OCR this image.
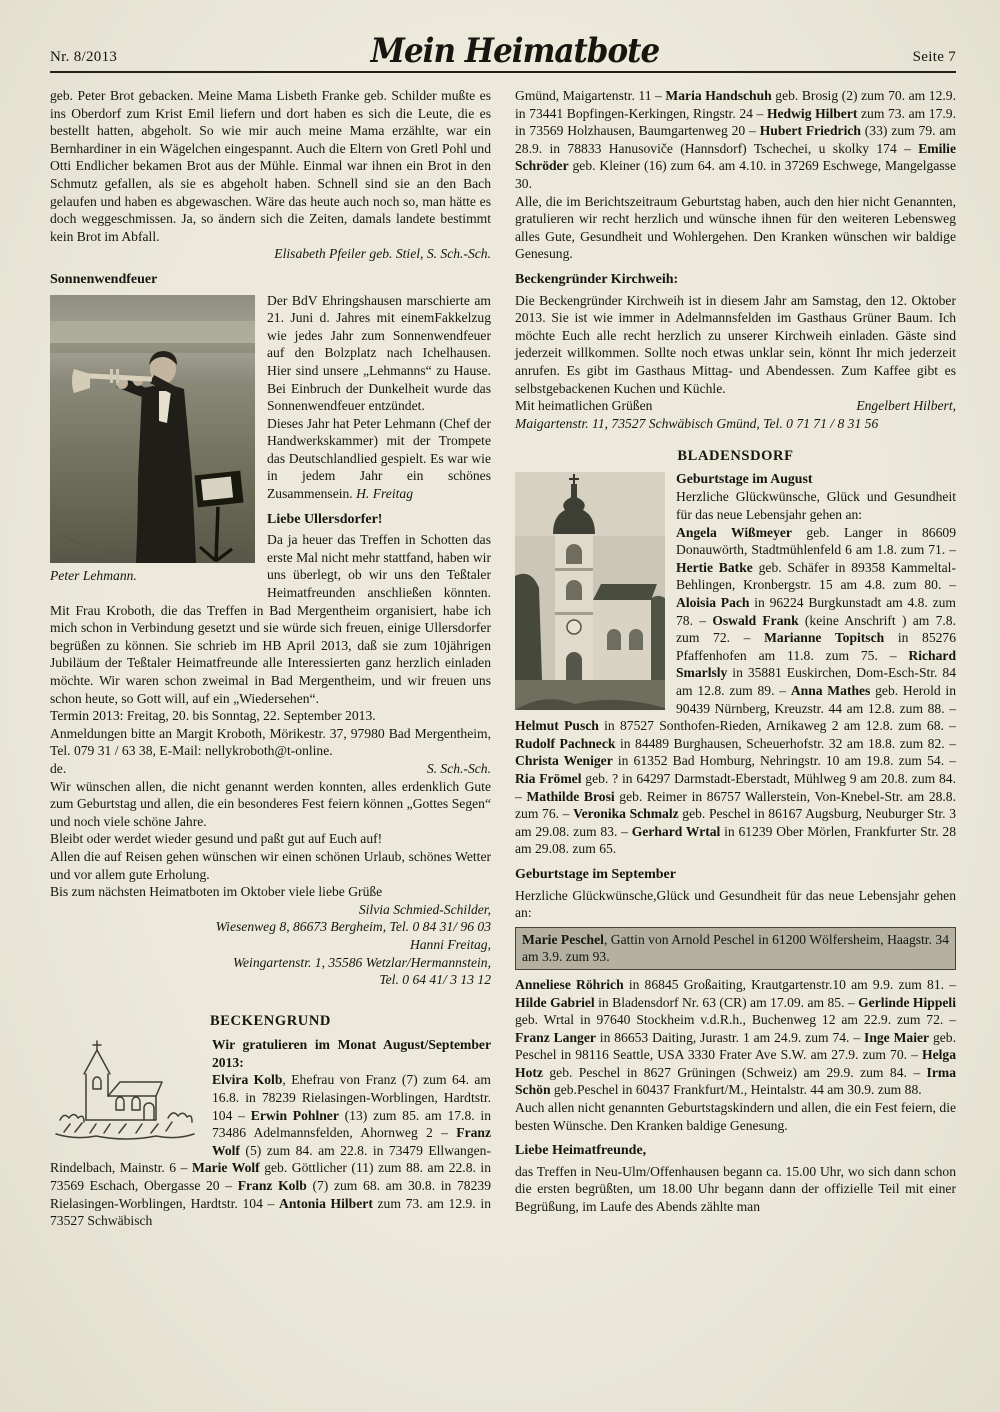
Nr. 8/2013	Mein Heimatbote	Seite 7

geb. Peter Brot gebacken. Meine Mama Lisbeth Franke geb. Schilder mußte es ins Oberdorf zum Krist Emil liefern und dort haben es sich die Leute, die es bestellt hatten, abgeholt. So wie mir auch meine Mama erzählte, war ein Bernhardiner in ein Wägelchen eingespannt. Auch die Eltern von Gretl Pohl und Otti Endlicher bekamen Brot aus der Mühle. Einmal war ihnen ein Brot in den Schmutz gefallen, als sie es abgeholt haben. Schnell sind sie an den Bach gelaufen und haben es abgewaschen. Wäre das heute auch noch so, man hätte es doch weggeschmissen. Ja, so ändern sich die Zeiten, damals landete bestimmt kein Brot im Abfall.

Elisabeth Pfeiler geb. Stiel, S. Sch.-Sch.
Sonnenwendfeuer
Peter Lehmann.

Der BdV Ehringshausen marschierte am 21. Juni d. Jahres mit einemFakkelzug wie jedes Jahr zum Sonnenwendfeuer auf den Bolzplatz nach Ichelhausen. Hier sind unsere „Lehmanns“ zu Hause. Bei Einbruch der Dunkelheit wurde das Sonnenwendfeuer entzündet.

Dieses Jahr hat Peter Lehmann (Chef der Handwerkskammer) mit der Trompete das Deutschlandlied gespielt. Es war wie in jedem Jahr ein schönes Zusammensein. H. Freitag

Liebe Ullersdorfer!

Da ja heuer das Treffen in Schotten das erste Mal nicht mehr stattfand, haben wir uns überlegt, ob wir uns den Teßtaler Heimatfreunden anschließen könnten. Mit Frau Kroboth, die das Treffen in Bad Mergentheim organisiert, habe ich mich schon in Verbindung gesetzt und sie würde sich freuen, einige Ullersdorfer begrüßen zu können. Sie schrieb im HB April 2013, daß sie zum 10jährigen Jubiläum der Teßtaler Heimatfreunde alle Interessierten ganz herzlich einladen möchte. Wir waren schon zweimal in Bad Mergentheim, und wir freuen uns schon heute, so Gott will, auf ein „Wiedersehen“.

Termin 2013: Freitag, 20. bis Sonntag, 22. September 2013.

Anmeldungen bitte an Margit Kroboth, Mörikestr. 37, 97980 Bad Mergentheim, Tel. 079 31 / 63 38, E-Mail: nellykroboth@t-online.

de.	S. Sch.-Sch.

Wir wünschen allen, die nicht genannt werden konnten, alles erdenklich Gute zum Geburtstag und allen, die ein besonderes Fest feiern können „Gottes Segen“ und noch viele schöne Jahre.

Bleibt oder werdet wieder gesund und paßt gut auf Euch auf!

Allen die auf Reisen gehen wünschen wir einen schönen Urlaub, schönes Wetter und vor allem gute Erholung.

Bis zum nächsten Heimatboten im Oktober viele liebe Grüße

Silvia Schmied-Schilder,
Wiesenweg 8, 86673 Bergheim, Tel. 0 84 31/ 96 03
Hanni Freitag,
Weingartenstr. 1, 35586 Wetzlar/Hermannstein,
Tel. 0 64 41/ 3 13 12
BECKENGRUND

Wir gratulieren im Monat August/September 2013:

Elvira Kolb, Ehefrau von Franz (7) zum 64. am 16.8. in 78239 Rielasingen-Worblingen, Hardtstr. 104 – Erwin Pohlner (13) zum 85. am 17.8. in 73486 Adelmannsfelden, Ahornweg 2 – Franz Wolf (5) zum 84. am 22.8. in 73479 Ellwangen-Rindelbach, Mainstr. 6 – Marie Wolf geb. Göttlicher (11) zum 88. am 22.8. in 73569 Eschach, Obergasse 20 – Franz Kolb (7) zum 68. am 30.8. in 78239 Rielasingen-Worblingen, Hardtstr. 104 – Antonia Hilbert zum 73. am 12.9. in 73527 Schwäbisch

Gmünd, Maigartenstr. 11 – Maria Handschuh geb. Brosig (2) zum 70. am 12.9. in 73441 Bopfingen-Kerkingen, Ringstr. 24 – Hedwig Hilbert zum 73. am 17.9. in 73569 Holzhausen, Baumgartenweg 20 – Hubert Friedrich (33) zum 79. am 28.9. in 78833 Hanusoviče (Hannsdorf) Tschechei, u skolky 174 – Emilie Schröder geb. Kleiner (16) zum 64. am 4.10. in 37269 Eschwege, Mangelgasse 30.

Alle, die im Berichtszeitraum Geburtstag haben, auch den hier nicht Genannten, gratulieren wir recht herzlich und wünsche ihnen für den weiteren Lebensweg alles Gute, Gesundheit und Wohlergehen. Den Kranken wünschen wir baldige Genesung.

Beckengründer Kirchweih:

Die Beckengründer Kirchweih ist in diesem Jahr am Samstag, den 12. Oktober 2013. Sie ist wie immer in Adelmannsfelden im Gasthaus Grüner Baum. Ich möchte Euch alle recht herzlich zu unserer Kirchweih einladen. Gäste sind jederzeit willkommen. Sollte noch etwas unklar sein, könnt Ihr mich jederzeit anrufen. Es gibt im Gasthaus Mittag- und Abendessen. Zum Kaffee gibt es selbstgebackenen Kuchen und Küchle.

Mit heimatlichen Grüßen	Engelbert Hilbert,
Maigartenstr. 11, 73527 Schwäbisch Gmünd, Tel. 0 71 71 / 8 31 56
BLADENSDORF
Geburtstage im August

Herzliche Glückwünsche, Glück und Gesundheit für das neue Lebensjahr gehen an:

Angela Wißmeyer geb. Langer in 86609 Donauwörth, Stadtmühlenfeld 6 am 1.8. zum 71. – Hertie Batke geb. Schäfer in 89358 Kammeltal-Behlingen, Kronbergstr. 15 am 4.8. zum 80. – Aloisia Pach in 96224 Burgkunstadt am 4.8. zum 78. – Oswald Frank (keine Anschrift ) am 7.8. zum 72. – Marianne Topitsch in 85276 Pfaffenhofen am 11.8. zum 75. – Richard Smarlsly in 35881 Euskirchen, Dom-Esch-Str. 84 am 12.8. zum 89. – Anna Mathes geb. Herold in 90439 Nürnberg, Kreuzstr. 44 am 12.8. zum 88. – Helmut Pusch in 87527 Sonthofen-Rieden, Arnikaweg 2 am 12.8. zum 68. – Rudolf Pachneck in 84489 Burghausen, Scheuerhofstr. 32 am 18.8. zum 82. – Christa Weniger in 61352 Bad Homburg, Nehringstr. 10 am 19.8. zum 54. – Ria Frömel geb. ? in 64297 Darmstadt-Eberstadt, Mühlweg 9 am 20.8. zum 84. – Mathilde Brosi geb. Reimer in 86757 Wallerstein, Von-Knebel-Str. am 28.8. zum 76. – Veronika Schmalz geb. Peschel in 86167 Augsburg, Neuburger Str. 3 am 29.08. zum 83. – Gerhard Wrtal in 61239 Ober Mörlen, Frankfurter Str. 28 am 29.08. zum 65.

Geburtstage im September

Herzliche Glückwünsche,Glück und Gesundheit für das neue Lebensjahr gehen an:

Marie Peschel, Gattin von Arnold Peschel in 61200 Wölfersheim, Haagstr. 34 am 3.9. zum 93.

Anneliese Röhrich in 86845 Großaiting, Krautgartenstr.10 am 9.9. zum 81. – Hilde Gabriel in Bladensdorf Nr. 63 (CR) am 17.09. am 85. – Gerlinde Hippeli geb. Wrtal in 97640 Stockheim v.d.R.h., Buchenweg 12 am 22.9. zum 72. – Franz Langer in 86653 Daiting, Jurastr. 1 am 24.9. zum 74. – Inge Maier geb. Peschel in 98116 Seattle, USA 3330 Frater Ave S.W. am 27.9. zum 70. – Helga Hotz geb. Peschel in 8627 Grüningen (Schweiz) am 29.9. zum 84. – Irma Schön geb.Peschel in 60437 Frankfurt/M., Heintalstr. 44 am 30.9. zum 88.

Auch allen nicht genannten Geburtstagskindern und allen, die ein Fest feiern, die besten Wünsche. Den Kranken baldige Genesung.

Liebe Heimatfreunde,

das Treffen in Neu-Ulm/Offenhausen begann ca. 15.00 Uhr, wo sich dann schon die ersten begrüßten, um 18.00 Uhr begann dann der offizielle Teil mit einer Begrüßung, im Laufe des Abends zählte man
